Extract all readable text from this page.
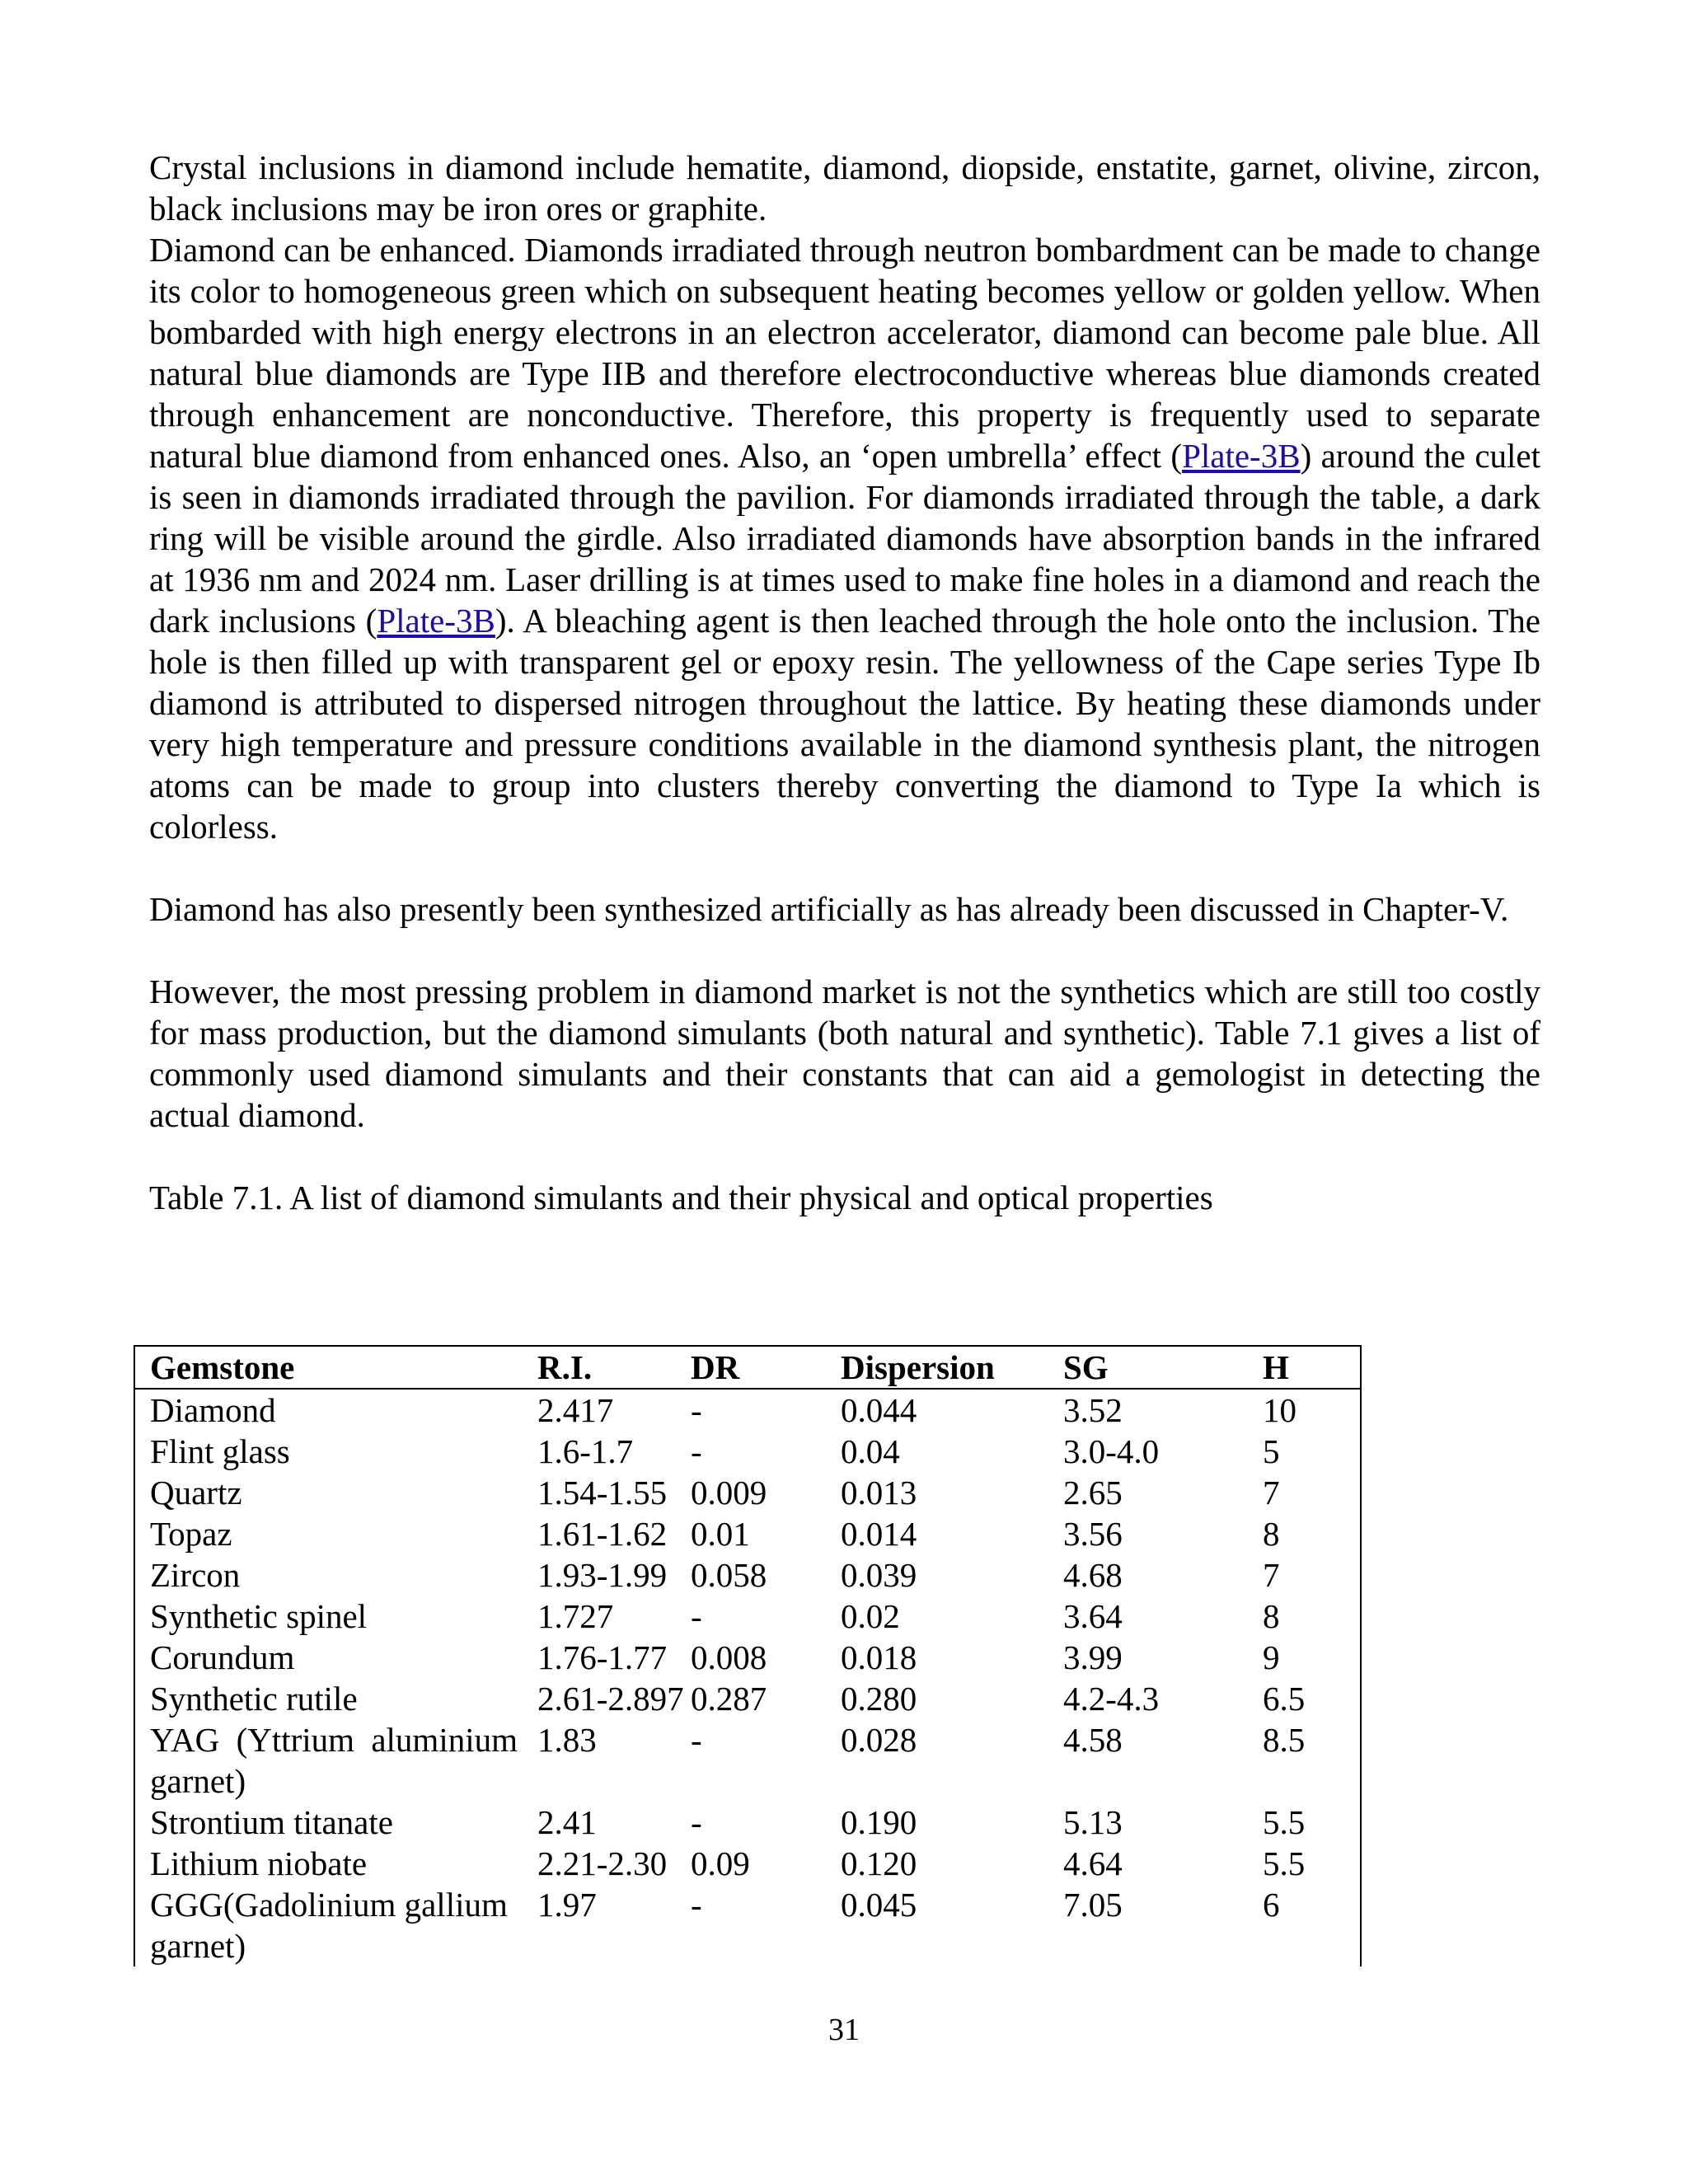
Crystal inclusions in diamond include hematite, diamond, diopside, enstatite, garnet, olivine, zircon, black inclusions may be iron ores or graphite.

Diamond can be enhanced. Diamonds irradiated through neutron bombardment can be made to change its color to homogeneous green which on subsequent heating becomes yellow or golden yellow. When bombarded with high energy electrons in an electron accelerator, diamond can become pale blue. All natural blue diamonds are Type IIB and therefore electroconductive whereas blue diamonds created through enhancement are nonconductive. Therefore, this property is frequently used to separate natural blue diamond from enhanced ones. Also, an ‘open umbrella’ effect (Plate-3B) around the culet is seen in diamonds irradiated through the pavilion. For diamonds irradiated through the table, a dark ring will be visible around the girdle. Also irradiated diamonds have absorption bands in the infrared at 1936 nm and 2024 nm. Laser drilling is at times used to make fine holes in a diamond and reach the dark inclusions (Plate-3B). A bleaching agent is then leached through the hole onto the inclusion. The hole is then filled up with transparent gel or epoxy resin. The yellowness of the Cape series Type Ib diamond is attributed to dispersed nitrogen throughout the lattice. By heating these diamonds under very high temperature and pressure conditions available in the diamond synthesis plant, the nitrogen atoms can be made to group into clusters thereby converting the diamond to Type Ia which is colorless.

Diamond has also presently been synthesized artificially as has already been discussed in Chapter-V.

However, the most pressing problem in diamond market is not the synthetics which are still too costly for mass production, but the diamond simulants (both natural and synthetic). Table 7.1 gives a list of commonly used diamond simulants and their constants that can aid a gemologist in detecting the actual diamond.

Table 7.1. A list of diamond simulants and their physical and optical properties

Gemstone	R.I.	DR	Dispersion	SG	H
Diamond	2.417	-	0.044	3.52	10
Flint glass	1.6-1.7	-	0.04	3.0-4.0	5
Quartz	1.54-1.55	0.009	0.013	2.65	7
Topaz	1.61-1.62	0.01	0.014	3.56	8
Zircon	1.93-1.99	0.058	0.039	4.68	7
Synthetic spinel	1.727	-	0.02	3.64	8
Corundum	1.76-1.77	0.008	0.018	3.99	9
Synthetic rutile	2.61-2.897	0.287	0.280	4.2-4.3	6.5
YAG (Yttrium aluminium garnet)	1.83	-	0.028	4.58	8.5
Strontium titanate	2.41	-	0.190	5.13	5.5
Lithium niobate	2.21-2.30	0.09	0.120	4.64	5.5
GGG(Gadolinium gallium garnet)	1.97	-	0.045	7.05	6
31
